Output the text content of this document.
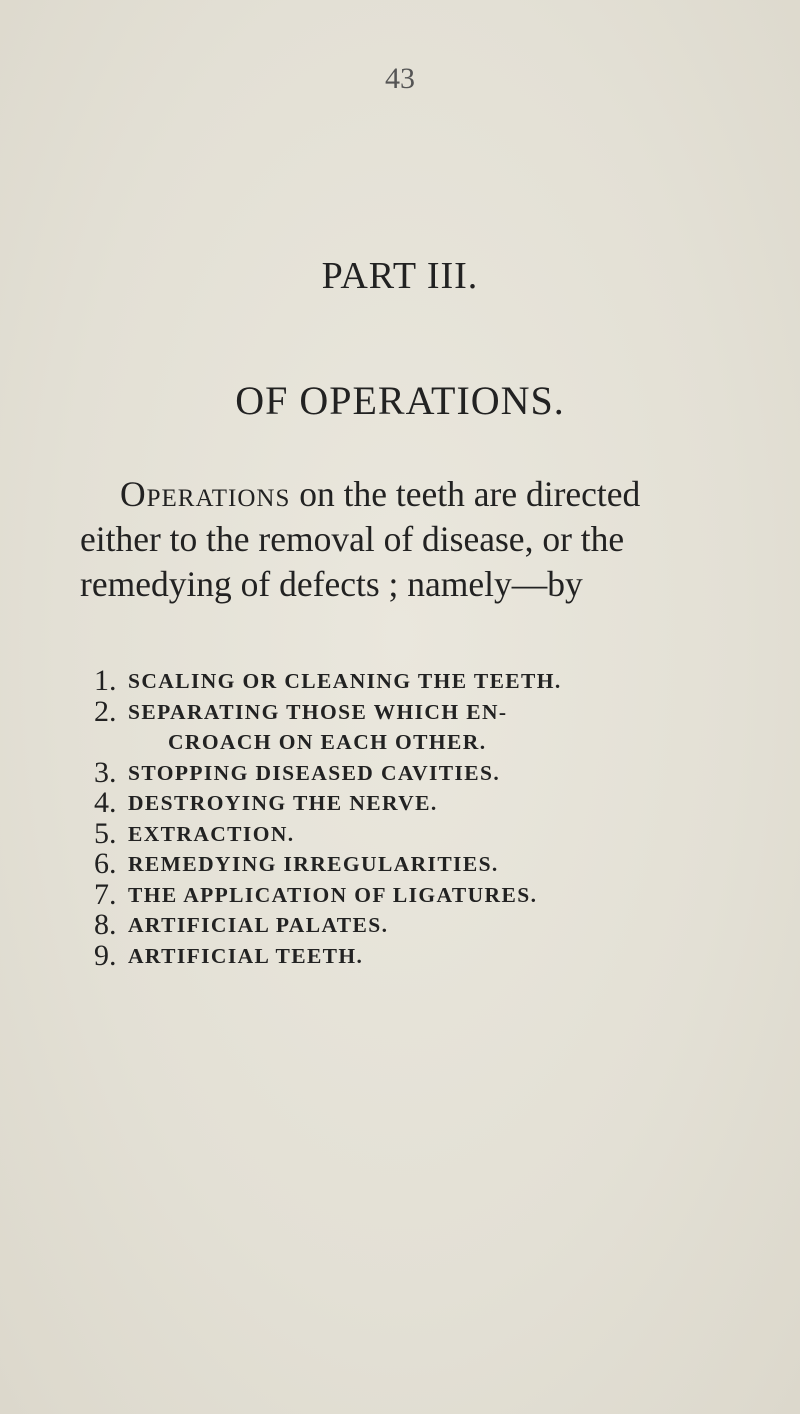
43
PART III.
OF OPERATIONS.
Operations on the teeth are directed
either to the removal of disease, or the
remedying of defects ; namely—by
1. SCALING OR CLEANING THE TEETH.
2. SEPARATING THOSE WHICH EN-
CROACH ON EACH OTHER.
3. STOPPING DISEASED CAVITIES.
4. DESTROYING THE NERVE.
5. EXTRACTION.
6. REMEDYING IRREGULARITIES.
7. THE APPLICATION OF LIGATURES.
8. ARTIFICIAL PALATES.
9. ARTIFICIAL TEETH.
